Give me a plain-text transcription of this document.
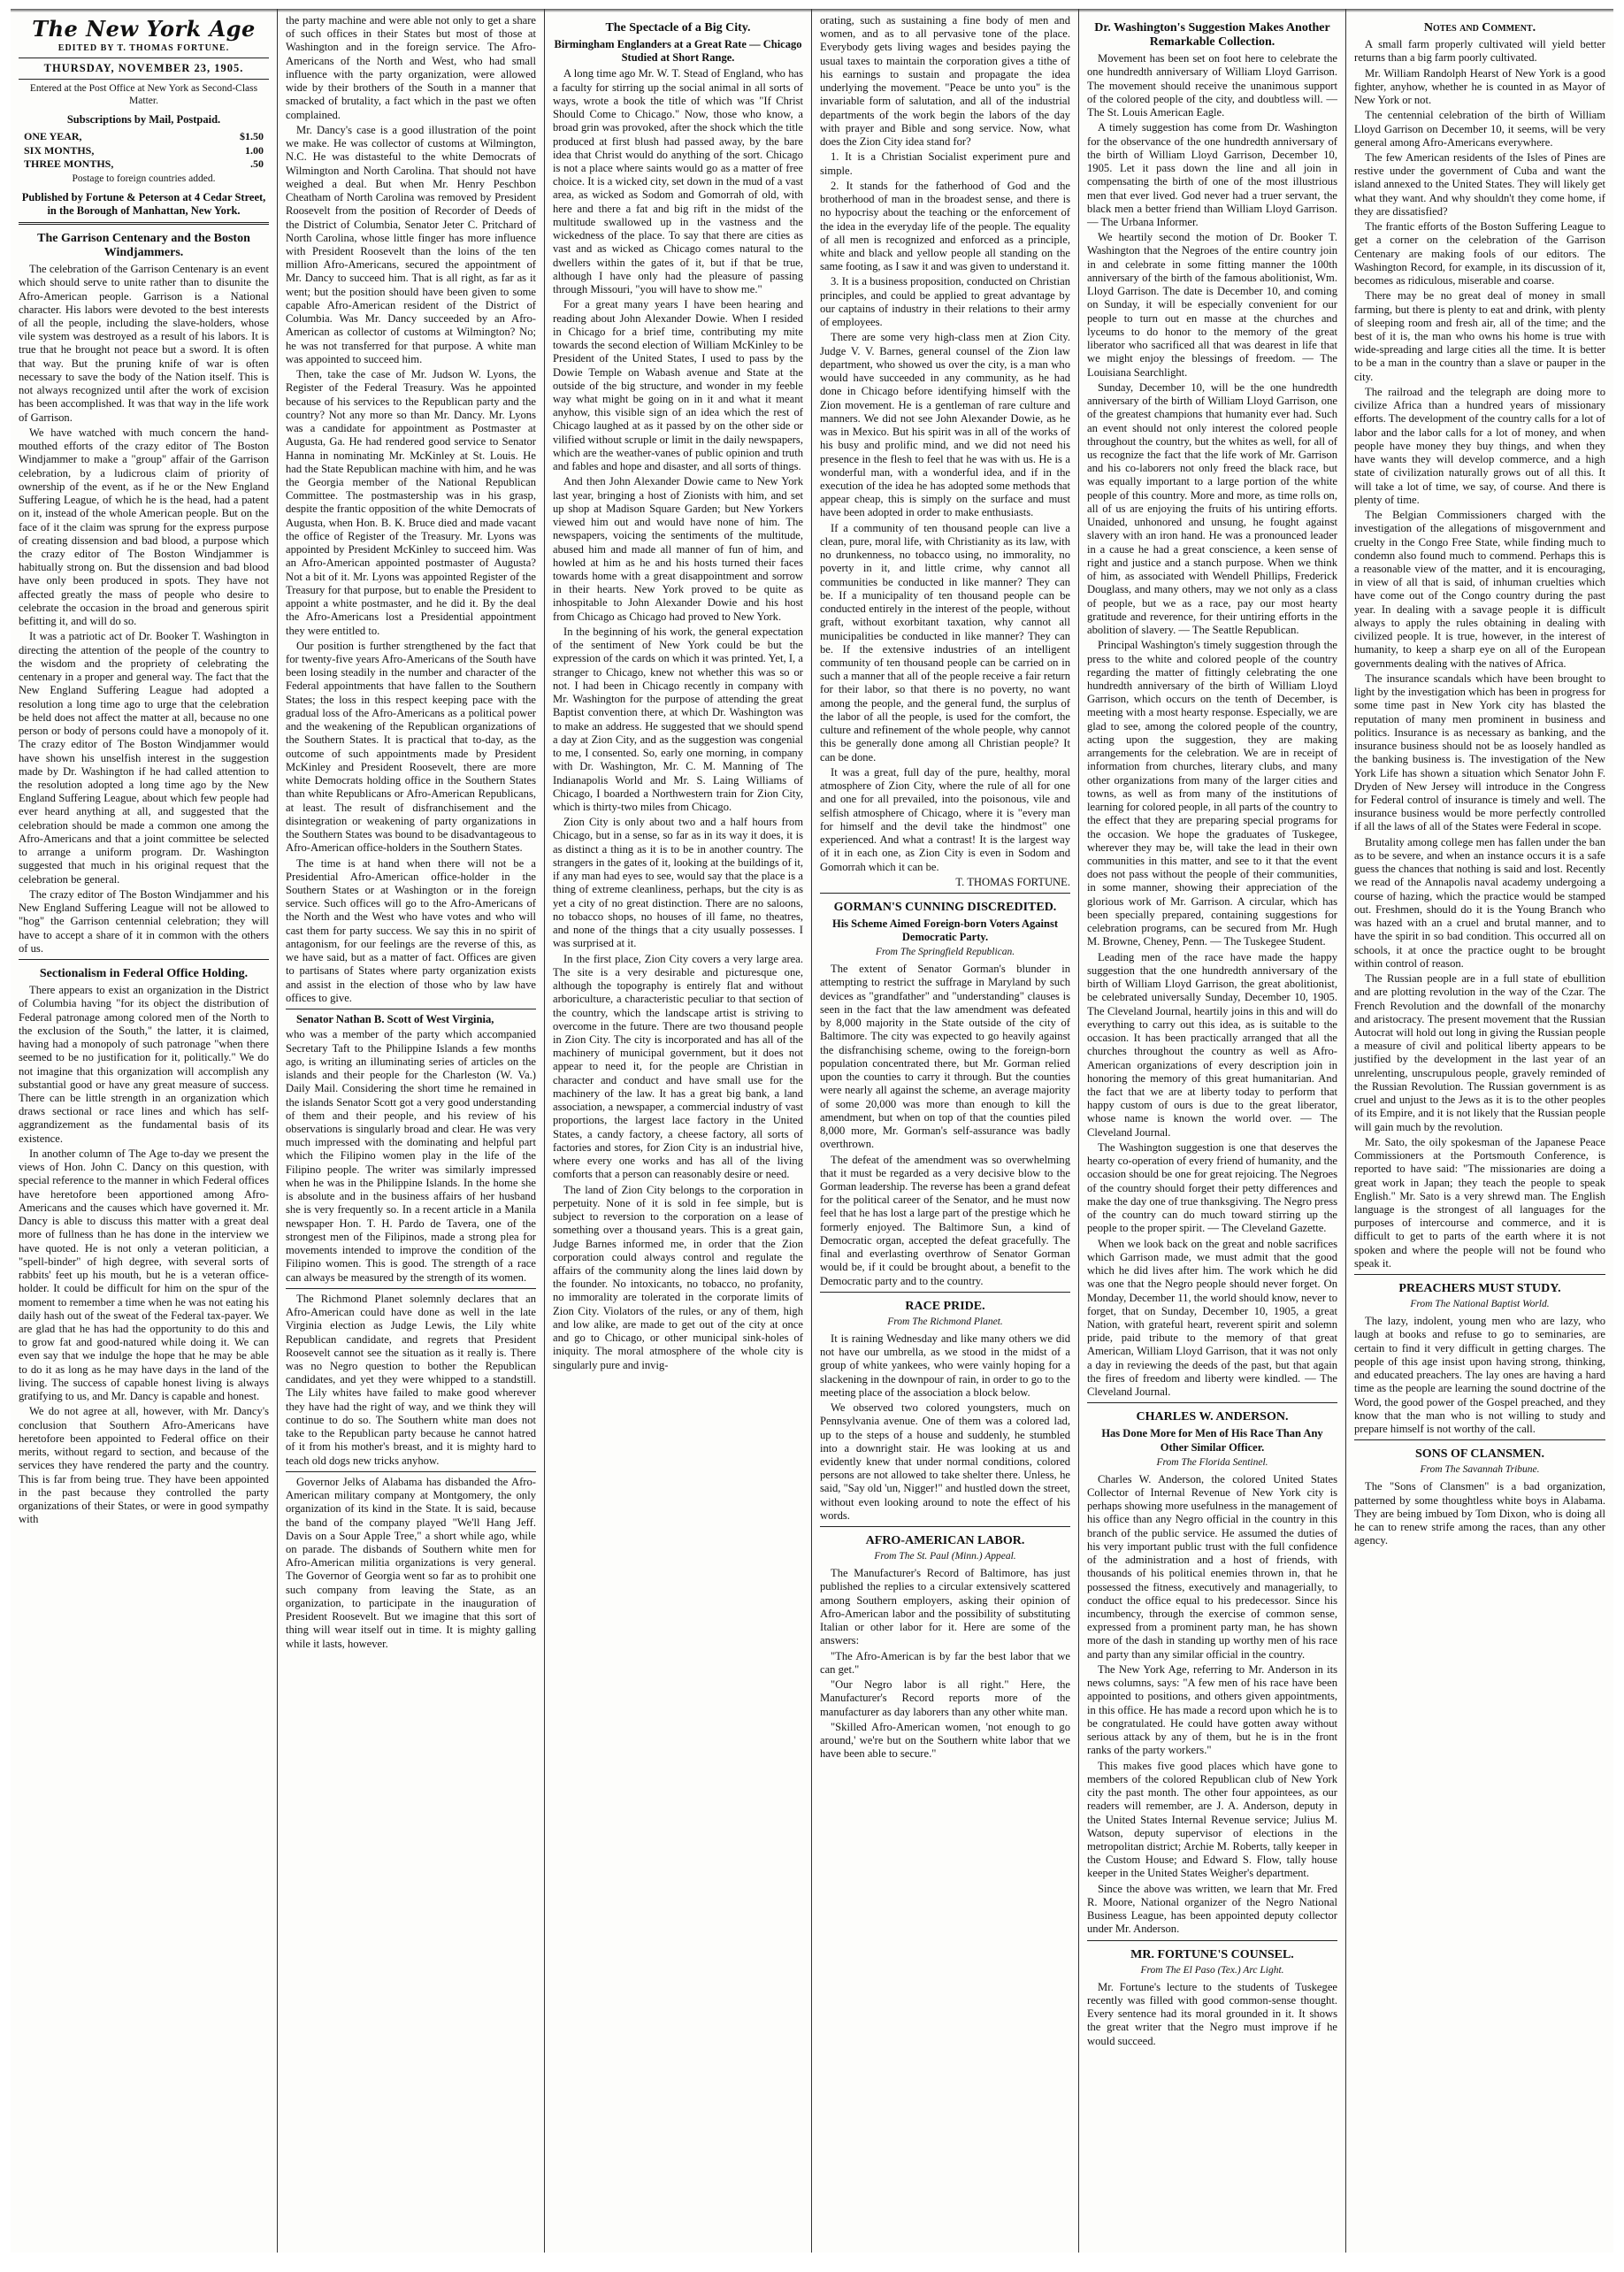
The New York Age
EDITED BY T. THOMAS FORTUNE.
THURSDAY, NOVEMBER 23, 1905.
Entered at the Post Office at New York as Second-Class Matter.
Subscriptions by Mail, Postpaid.
ONE YEAR,	$1.50
SIX MONTHS,	1.00
THREE MONTHS,	.50
Postage to foreign countries added.
Published by Fortune & Peterson at 4 Cedar Street, in the Borough of Manhattan, New York.
The Garrison Centenary and the Boston Windjammers.

The celebration of the Garrison Centenary is an event which should serve to unite rather than to disunite the Afro-American people. Garrison is a National character. His labors were devoted to the best interests of all the people, including the slave-holders, whose vile system was destroyed as a result of his labors. It is true that he brought not peace but a sword. It is often that way. But the pruning knife of war is often necessary to save the body of the Nation itself. This is not always recognized until after the work of excision has been accomplished. It was that way in the life work of Garrison.

We have watched with much concern the hand-mouthed efforts of the crazy editor of The Boston Windjammer to make a "group" affair of the Garrison celebration, by a ludicrous claim of priority of ownership of the event, as if he or the New England Suffering League, of which he is the head, had a patent on it, instead of the whole American people. But on the face of it the claim was sprung for the express purpose of creating dissension and bad blood, a purpose which the crazy editor of The Boston Windjammer is habitually strong on. But the dissension and bad blood have only been produced in spots. They have not affected greatly the mass of people who desire to celebrate the occasion in the broad and generous spirit befitting it, and will do so.

It was a patriotic act of Dr. Booker T. Washington in directing the attention of the people of the country to the wisdom and the propriety of celebrating the centenary in a proper and general way. The fact that the New England Suffering League had adopted a resolution a long time ago to urge that the celebration be held does not affect the matter at all, because no one person or body of persons could have a monopoly of it. The crazy editor of The Boston Windjammer would have shown his unselfish interest in the suggestion made by Dr. Washington if he had called attention to the resolution adopted a long time ago by the New England Suffering League, about which few people had ever heard anything at all, and suggested that the celebration should be made a common one among the Afro-Americans and that a joint committee be selected to arrange a uniform program. Dr. Washington suggested that much in his original request that the celebration be general.

The crazy editor of The Boston Windjammer and his New England Suffering League will not be allowed to "hog" the Garrison centennial celebration; they will have to accept a share of it in common with the others of us.

Sectionalism in Federal Office Holding.

There appears to exist an organization in the District of Columbia having "for its object the distribution of Federal patronage among colored men of the North to the exclusion of the South," the latter, it is claimed, having had a monopoly of such patronage "when there seemed to be no justification for it, politically." We do not imagine that this organization will accomplish any substantial good or have any great measure of success. There can be little strength in an organization which draws sectional or race lines and which has self-aggrandizement as the fundamental basis of its existence.

In another column of The Age to-day we present the views of Hon. John C. Dancy on this question, with special reference to the manner in which Federal offices have heretofore been apportioned among Afro-Americans and the causes which have governed it. Mr. Dancy is able to discuss this matter with a great deal more of fullness than he has done in the interview we have quoted. He is not only a veteran politician, a "spell-binder" of high degree, with several sorts of rabbits' feet up his mouth, but he is a veteran office-holder. It could be difficult for him on the spur of the moment to remember a time when he was not eating his daily hash out of the sweat of the Federal tax-payer. We are glad that he has had the opportunity to do this and to grow fat and good-natured while doing it. We can even say that we indulge the hope that he may be able to do it as long as he may have days in the land of the living. The success of capable honest living is always gratifying to us, and Mr. Dancy is capable and honest.

We do not agree at all, however, with Mr. Dancy's conclusion that Southern Afro-Americans have heretofore been appointed to Federal office on their merits, without regard to section, and because of the services they have rendered the party and the country. This is far from being true. They have been appointed in the past because they controlled the party organizations of their States, or were in good sympathy with

the party machine and were able not only to get a share of such offices in their States but most of those at Washington and in the foreign service. The Afro-Americans of the North and West, who had small influence with the party organization, were allowed wide by their brothers of the South in a manner that smacked of brutality, a fact which in the past we often complained.

Mr. Dancy's case is a good illustration of the point we make. He was collector of customs at Wilmington, N.C. He was distasteful to the white Democrats of Wilmington and North Carolina. That should not have weighed a deal. But when Mr. Henry Peschbon Cheatham of North Carolina was removed by President Roosevelt from the position of Recorder of Deeds of the District of Columbia, Senator Jeter C. Pritchard of North Carolina, whose little finger has more influence with President Roosevelt than the loins of the ten million Afro-Americans, secured the appointment of Mr. Dancy to succeed him. That is all right, as far as it went; but the position should have been given to some capable Afro-American resident of the District of Columbia. Was Mr. Dancy succeeded by an Afro-American as collector of customs at Wilmington? No; he was not transferred for that purpose. A white man was appointed to succeed him.

Then, take the case of Mr. Judson W. Lyons, the Register of the Federal Treasury. Was he appointed because of his services to the Republican party and the country? Not any more so than Mr. Dancy. Mr. Lyons was a candidate for appointment as Postmaster at Augusta, Ga. He had rendered good service to Senator Hanna in nominating Mr. McKinley at St. Louis. He had the State Republican machine with him, and he was the Georgia member of the National Republican Committee. The postmastership was in his grasp, despite the frantic opposition of the white Democrats of Augusta, when Hon. B. K. Bruce died and made vacant the office of Register of the Treasury. Mr. Lyons was appointed by President McKinley to succeed him. Was an Afro-American appointed postmaster of Augusta? Not a bit of it. Mr. Lyons was appointed Register of the Treasury for that purpose, but to enable the President to appoint a white postmaster, and he did it. By the deal the Afro-Americans lost a Presidential appointment they were entitled to.

Our position is further strengthened by the fact that for twenty-five years Afro-Americans of the South have been losing steadily in the number and character of the Federal appointments that have fallen to the Southern States; the loss in this respect keeping pace with the gradual loss of the Afro-Americans as a political power and the weakening of the Republican organizations of the Southern States. It is practical that to-day, as the outcome of such appointments made by President McKinley and President Roosevelt, there are more white Democrats holding office in the Southern States than white Republicans or Afro-American Republicans, at least. The result of disfranchisement and the disintegration or weakening of party organizations in the Southern States was bound to be disadvantageous to Afro-American office-holders in the Southern States.

The time is at hand when there will not be a Presidential Afro-American office-holder in the Southern States or at Washington or in the foreign service. Such offices will go to the Afro-Americans of the North and the West who have votes and who will cast them for party success. We say this in no spirit of antagonism, for our feelings are the reverse of this, as we have said, but as a matter of fact. Offices are given to partisans of States where party organization exists and assist in the election of those who by law have offices to give.

Senator Nathan B. Scott of West Virginia,

who was a member of the party which accompanied Secretary Taft to the Philippine Islands a few months ago, is writing an illuminating series of articles on the islands and their people for the Charleston (W. Va.) Daily Mail. Considering the short time he remained in the islands Senator Scott got a very good understanding of them and their people, and his review of his observations is singularly broad and clear. He was very much impressed with the dominating and helpful part which the Filipino women play in the life of the Filipino people. The writer was similarly impressed when he was in the Philippine Islands. In the home she is absolute and in the business affairs of her husband she is very frequently so. In a recent article in a Manila newspaper Hon. T. H. Pardo de Tavera, one of the strongest men of the Filipinos, made a strong plea for movements intended to improve the condition of the Filipino women. This is good. The strength of a race can always be measured by the strength of its women.

The Richmond Planet solemnly declares that an Afro-American could have done as well in the late Virginia election as Judge Lewis, the Lily white Republican candidate, and regrets that President Roosevelt cannot see the situation as it really is. There was no Negro question to bother the Republican candidates, and yet they were whipped to a standstill. The Lily whites have failed to make good wherever they have had the right of way, and we think they will continue to do so. The Southern white man does not take to the Republican party because he cannot hatred of it from his mother's breast, and it is mighty hard to teach old dogs new tricks anyhow.

Governor Jelks of Alabama has disbanded the Afro-American military company at Montgomery, the only organization of its kind in the State. It is said, because the band of the company played "We'll Hang Jeff. Davis on a Sour Apple Tree," a short while ago, while on parade. The disbands of Southern white men for Afro-American militia organizations is very general. The Governor of Georgia went so far as to prohibit one such company from leaving the State, as an organization, to participate in the inauguration of President Roosevelt. But we imagine that this sort of thing will wear itself out in time. It is mighty galling while it lasts, however.

The Spectacle of a Big City.
Birmingham Englanders at a Great Rate — Chicago Studied at Short Range.

A long time ago Mr. W. T. Stead of England, who has a faculty for stirring up the social animal in all sorts of ways, wrote a book the title of which was "If Christ Should Come to Chicago." Now, those who know, a broad grin was provoked, after the shock which the title produced at first blush had passed away, by the bare idea that Christ would do anything of the sort. Chicago is not a place where saints would go as a matter of free choice. It is a wicked city, set down in the mud of a vast area, as wicked as Sodom and Gomorrah of old, with here and there a fat and big rift in the midst of the multitude swallowed up in the vastness and the wickedness of the place. To say that there are cities as vast and as wicked as Chicago comes natural to the dwellers within the gates of it, but if that be true, although I have only had the pleasure of passing through Missouri, "you will have to show me."

For a great many years I have been hearing and reading about John Alexander Dowie. When I resided in Chicago for a brief time, contributing my mite towards the second election of William McKinley to be President of the United States, I used to pass by the Dowie Temple on Wabash avenue and State at the outside of the big structure, and wonder in my feeble way what might be going on in it and what it meant anyhow, this visible sign of an idea which the rest of Chicago laughed at as it passed by on the other side or vilified without scruple or limit in the daily newspapers, which are the weather-vanes of public opinion and truth and fables and hope and disaster, and all sorts of things.

And then John Alexander Dowie came to New York last year, bringing a host of Zionists with him, and set up shop at Madison Square Garden; but New Yorkers viewed him out and would have none of him. The newspapers, voicing the sentiments of the multitude, abused him and made all manner of fun of him, and howled at him as he and his hosts turned their faces towards home with a great disappointment and sorrow in their hearts. New York proved to be quite as inhospitable to John Alexander Dowie and his host from Chicago as Chicago had proved to New York.

In the beginning of his work, the general expectation of the sentiment of New York could be but the expression of the cards on which it was printed. Yet, I, a stranger to Chicago, knew not whether this was so or not. I had been in Chicago recently in company with Mr. Washington for the purpose of attending the great Baptist convention there, at which Dr. Washington was to make an address. He suggested that we should spend a day at Zion City, and as the suggestion was congenial to me, I consented. So, early one morning, in company with Dr. Washington, Mr. C. M. Manning of The Indianapolis World and Mr. S. Laing Williams of Chicago, I boarded a Northwestern train for Zion City, which is thirty-two miles from Chicago.

Zion City is only about two and a half hours from Chicago, but in a sense, so far as in its way it does, it is as distinct a thing as it is to be in another country. The strangers in the gates of it, looking at the buildings of it, if any man had eyes to see, would say that the place is a thing of extreme cleanliness, perhaps, but the city is as yet a city of no great distinction. There are no saloons, no tobacco shops, no houses of ill fame, no theatres, and none of the things that a city usually possesses. I was surprised at it.

In the first place, Zion City covers a very large area. The site is a very desirable and picturesque one, although the topography is entirely flat and without arboriculture, a characteristic peculiar to that section of the country, which the landscape artist is striving to overcome in the future. There are two thousand people in Zion City. The city is incorporated and has all of the machinery of municipal government, but it does not appear to need it, for the people are Christian in character and conduct and have small use for the machinery of the law. It has a great big bank, a land association, a newspaper, a commercial industry of vast proportions, the largest lace factory in the United States, a candy factory, a cheese factory, all sorts of factories and stores, for Zion City is an industrial hive, where every one works and has all of the living comforts that a person can reasonably desire or need.

The land of Zion City belongs to the corporation in perpetuity. None of it is sold in fee simple, but is subject to reversion to the corporation on a lease of something over a thousand years. This is a great gain, Judge Barnes informed me, in order that the Zion corporation could always control and regulate the affairs of the community along the lines laid down by the founder. No intoxicants, no tobacco, no profanity, no immorality are tolerated in the corporate limits of Zion City. Violators of the rules, or any of them, high and low alike, are made to get out of the city at once and go to Chicago, or other municipal sink-holes of iniquity. The moral atmosphere of the whole city is singularly pure and invig-

orating, such as sustaining a fine body of men and women, and as to all pervasive tone of the place. Everybody gets living wages and besides paying the usual taxes to maintain the corporation gives a tithe of his earnings to sustain and propagate the idea underlying the movement. "Peace be unto you" is the invariable form of salutation, and all of the industrial departments of the work begin the labors of the day with prayer and Bible and song service. Now, what does the Zion City idea stand for?

1. It is a Christian Socialist experiment pure and simple.

2. It stands for the fatherhood of God and the brotherhood of man in the broadest sense, and there is no hypocrisy about the teaching or the enforcement of the idea in the everyday life of the people. The equality of all men is recognized and enforced as a principle, white and black and yellow people all standing on the same footing, as I saw it and was given to understand it.

3. It is a business proposition, conducted on Christian principles, and could be applied to great advantage by our captains of industry in their relations to their army of employees.

There are some very high-class men at Zion City. Judge V. V. Barnes, general counsel of the Zion law department, who showed us over the city, is a man who would have succeeded in any community, as he had done in Chicago before identifying himself with the Zion movement. He is a gentleman of rare culture and manners. We did not see John Alexander Dowie, as he was in Mexico. But his spirit was in all of the works of his busy and prolific mind, and we did not need his presence in the flesh to feel that he was with us. He is a wonderful man, with a wonderful idea, and if in the execution of the idea he has adopted some methods that appear cheap, this is simply on the surface and must have been adopted in order to make enthusiasts.

If a community of ten thousand people can live a clean, pure, moral life, with Christianity as its law, with no drunkenness, no tobacco using, no immorality, no poverty in it, and little crime, why cannot all communities be conducted in like manner? They can be. If a municipality of ten thousand people can be conducted entirely in the interest of the people, without graft, without exorbitant taxation, why cannot all municipalities be conducted in like manner? They can be. If the extensive industries of an intelligent community of ten thousand people can be carried on in such a manner that all of the people receive a fair return for their labor, so that there is no poverty, no want among the people, and the general fund, the surplus of the labor of all the people, is used for the comfort, the culture and refinement of the whole people, why cannot this be generally done among all Christian people? It can be done.

It was a great, full day of the pure, healthy, moral atmosphere of Zion City, where the rule of all for one and one for all prevailed, into the poisonous, vile and selfish atmosphere of Chicago, where it is "every man for himself and the devil take the hindmost" one experienced. And what a contrast! It is the largest way of it in each one, as Zion City is even in Sodom and Gomorrah which it can be.

T. THOMAS FORTUNE.

GORMAN'S CUNNING DISCREDITED.
His Scheme Aimed Foreign-born Voters Against Democratic Party.
From The Springfield Republican.

The extent of Senator Gorman's blunder in attempting to restrict the suffrage in Maryland by such devices as "grandfather" and "understanding" clauses is seen in the fact that the law amendment was defeated by 8,000 majority in the State outside of the city of Baltimore. The city was expected to go heavily against the disfranchising scheme, owing to the foreign-born population concentrated there, but Mr. Gorman relied upon the counties to carry it through. But the counties were nearly all against the scheme, an average majority of some 20,000 was more than enough to kill the amendment, but when on top of that the counties piled 8,000 more, Mr. Gorman's self-assurance was badly overthrown.

The defeat of the amendment was so overwhelming that it must be regarded as a very decisive blow to the Gorman leadership. The reverse has been a grand defeat for the political career of the Senator, and he must now feel that he has lost a large part of the prestige which he formerly enjoyed. The Baltimore Sun, a kind of Democratic organ, accepted the defeat gracefully. The final and everlasting overthrow of Senator Gorman would be, if it could be brought about, a benefit to the Democratic party and to the country.

RACE PRIDE.
From The Richmond Planet.

It is raining Wednesday and like many others we did not have our umbrella, as we stood in the midst of a group of white yankees, who were vainly hoping for a slackening in the downpour of rain, in order to go to the meeting place of the association a block below.

We observed two colored youngsters, much on Pennsylvania avenue. One of them was a colored lad, up to the steps of a house and suddenly, he stumbled into a downright stair. He was looking at us and evidently knew that under normal conditions, colored persons are not allowed to take shelter there. Unless, he said, "Say old 'un, Nigger!" and hustled down the street, without even looking around to note the effect of his words.

AFRO-AMERICAN LABOR.
From The St. Paul (Minn.) Appeal.

The Manufacturer's Record of Baltimore, has just published the replies to a circular extensively scattered among Southern employers, asking their opinion of Afro-American labor and the possibility of substituting Italian or other labor for it. Here are some of the answers:

"The Afro-American is by far the best labor that we can get."

"Our Negro labor is all right." Here, the Manufacturer's Record reports more of the manufacturer as day laborers than any other white man.

"Skilled Afro-American women, 'not enough to go around,' we're but on the Southern white labor that we have been able to secure."

Dr. Washington's Suggestion Makes Another Remarkable Collection.

Movement has been set on foot here to celebrate the one hundredth anniversary of William Lloyd Garrison. The movement should receive the unanimous support of the colored people of the city, and doubtless will. — The St. Louis American Eagle.

A timely suggestion has come from Dr. Washington for the observance of the one hundredth anniversary of the birth of William Lloyd Garrison, December 10, 1905. Let it pass down the line and all join in compensating the birth of one of the most illustrious men that ever lived. God never had a truer servant, the black men a better friend than William Lloyd Garrison. — The Urbana Informer.

We heartily second the motion of Dr. Booker T. Washington that the Negroes of the entire country join in and celebrate in some fitting manner the 100th anniversary of the birth of the famous abolitionist, Wm. Lloyd Garrison. The date is December 10, and coming on Sunday, it will be especially convenient for our people to turn out en masse at the churches and lyceums to do honor to the memory of the great liberator who sacrificed all that was dearest in life that we might enjoy the blessings of freedom. — The Louisiana Searchlight.

Sunday, December 10, will be the one hundredth anniversary of the birth of William Lloyd Garrison, one of the greatest champions that humanity ever had. Such an event should not only interest the colored people throughout the country, but the whites as well, for all of us recognize the fact that the life work of Mr. Garrison and his co-laborers not only freed the black race, but was equally important to a large portion of the white people of this country. More and more, as time rolls on, all of us are enjoying the fruits of his untiring efforts. Unaided, unhonored and unsung, he fought against slavery with an iron hand. He was a pronounced leader in a cause he had a great conscience, a keen sense of right and justice and a stanch purpose. When we think of him, as associated with Wendell Phillips, Frederick Douglass, and many others, may we not only as a class of people, but we as a race, pay our most hearty gratitude and reverence, for their untiring efforts in the abolition of slavery. — The Seattle Republican.

Principal Washington's timely suggestion through the press to the white and colored people of the country regarding the matter of fittingly celebrating the one hundredth anniversary of the birth of William Lloyd Garrison, which occurs on the tenth of December, is meeting with a most hearty response. Especially, we are glad to see, among the colored people of the country, acting upon the suggestion, they are making arrangements for the celebration. We are in receipt of information from churches, literary clubs, and many other organizations from many of the larger cities and towns, as well as from many of the institutions of learning for colored people, in all parts of the country to the effect that they are preparing special programs for the occasion. We hope the graduates of Tuskegee, wherever they may be, will take the lead in their own communities in this matter, and see to it that the event does not pass without the people of their communities, in some manner, showing their appreciation of the glorious work of Mr. Garrison. A circular, which has been specially prepared, containing suggestions for celebration programs, can be secured from Mr. Hugh M. Browne, Cheney, Penn. — The Tuskegee Student.

Leading men of the race have made the happy suggestion that the one hundredth anniversary of the birth of William Lloyd Garrison, the great abolitionist, be celebrated universally Sunday, December 10, 1905. The Cleveland Journal, heartily joins in this and will do everything to carry out this idea, as is suitable to the occasion. It has been practically arranged that all the churches throughout the country as well as Afro-American organizations of every description join in honoring the memory of this great humanitarian. And the fact that we are at liberty today to perform that happy custom of ours is due to the great liberator, whose name is known the world over. — The Cleveland Journal.

The Washington suggestion is one that deserves the hearty co-operation of every friend of humanity, and the occasion should be one for great rejoicing. The Negroes of the country should forget their petty differences and make the day one of true thanksgiving. The Negro press of the country can do much toward stirring up the people to the proper spirit. — The Cleveland Gazette.

When we look back on the great and noble sacrifices which Garrison made, we must admit that the good which he did lives after him. The work which he did was one that the Negro people should never forget. On Monday, December 11, the world should know, never to forget, that on Sunday, December 10, 1905, a great Nation, with grateful heart, reverent spirit and solemn pride, paid tribute to the memory of that great American, William Lloyd Garrison, that it was not only a day in reviewing the deeds of the past, but that again the fires of freedom and liberty were kindled. — The Cleveland Journal.

CHARLES W. ANDERSON.
Has Done More for Men of His Race Than Any Other Similar Officer.
From The Florida Sentinel.

Charles W. Anderson, the colored United States Collector of Internal Revenue of New York city is perhaps showing more usefulness in the management of his office than any Negro official in the country in this branch of the public service. He assumed the duties of his very important public trust with the full confidence of the administration and a host of friends, with thousands of his political enemies thrown in, that he possessed the fitness, executively and managerially, to conduct the office equal to his predecessor. Since his incumbency, through the exercise of common sense, expressed from a prominent party man, he has shown more of the dash in standing up worthy men of his race and party than any similar official in the country.

The New York Age, referring to Mr. Anderson in its news columns, says: "A few men of his race have been appointed to positions, and others given appointments, in this office. He has made a record upon which he is to be congratulated. He could have gotten away without serious attack by any of them, but he is in the front ranks of the party workers."

This makes five good places which have gone to members of the colored Republican club of New York city the past month. The other four appointees, as our readers will remember, are J. A. Anderson, deputy in the United States Internal Revenue service; Julius M. Watson, deputy supervisor of elections in the metropolitan district; Archie M. Roberts, tally keeper in the Custom House; and Edward S. Flow, tally house keeper in the United States Weigher's department.

Since the above was written, we learn that Mr. Fred R. Moore, National organizer of the Negro National Business League, has been appointed deputy collector under Mr. Anderson.

MR. FORTUNE'S COUNSEL.
From The El Paso (Tex.) Arc Light.

Mr. Fortune's lecture to the students of Tuskegee recently was filled with good common-sense thought. Every sentence had its moral grounded in it. It shows the great writer that the Negro must improve if he would succeed.

Notes and Comment.

A small farm properly cultivated will yield better returns than a big farm poorly cultivated.

Mr. William Randolph Hearst of New York is a good fighter, anyhow, whether he is counted in as Mayor of New York or not.

The centennial celebration of the birth of William Lloyd Garrison on December 10, it seems, will be very general among Afro-Americans everywhere.

The few American residents of the Isles of Pines are restive under the government of Cuba and want the island annexed to the United States. They will likely get what they want. And why shouldn't they come home, if they are dissatisfied?

The frantic efforts of the Boston Suffering League to get a corner on the celebration of the Garrison Centenary are making fools of our editors. The Washington Record, for example, in its discussion of it, becomes as ridiculous, miserable and coarse.

There may be no great deal of money in small farming, but there is plenty to eat and drink, with plenty of sleeping room and fresh air, all of the time; and the best of it is, the man who owns his home is true with wide-spreading and large cities all the time. It is better to be a man in the country than a slave or pauper in the city.

The railroad and the telegraph are doing more to civilize Africa than a hundred years of missionary efforts. The development of the country calls for a lot of labor and the labor calls for a lot of money, and when people have money they buy things, and when they have wants they will develop commerce, and a high state of civilization naturally grows out of all this. It will take a lot of time, we say, of course. And there is plenty of time.

The Belgian Commissioners charged with the investigation of the allegations of misgovernment and cruelty in the Congo Free State, while finding much to condemn also found much to commend. Perhaps this is a reasonable view of the matter, and it is encouraging, in view of all that is said, of inhuman cruelties which have come out of the Congo country during the past year. In dealing with a savage people it is difficult always to apply the rules obtaining in dealing with civilized people. It is true, however, in the interest of humanity, to keep a sharp eye on all of the European governments dealing with the natives of Africa.

The insurance scandals which have been brought to light by the investigation which has been in progress for some time past in New York city has blasted the reputation of many men prominent in business and politics. Insurance is as necessary as banking, and the insurance business should not be as loosely handled as the banking business is. The investigation of the New York Life has shown a situation which Senator John F. Dryden of New Jersey will introduce in the Congress for Federal control of insurance is timely and well. The insurance business would be more perfectly controlled if all the laws of all of the States were Federal in scope.

Brutality among college men has fallen under the ban as to be severe, and when an instance occurs it is a safe guess the chances that nothing is said and lost. Recently we read of the Annapolis naval academy undergoing a course of hazing, which the practice would be stamped out. Freshmen, should do it is the Young Branch who was hazed with an a cruel and brutal manner, and to have the spirit in so bad condition. This occurred all on schools, it at once the practice ought to be brought within control of reason.

The Russian people are in a full state of ebullition and are plotting revolution in the way of the Czar. The French Revolution and the downfall of the monarchy and aristocracy. The present movement that the Russian Autocrat will hold out long in giving the Russian people a measure of civil and political liberty appears to be justified by the development in the last year of an unrelenting, unscrupulous people, gravely reminded of the Russian Revolution. The Russian government is as cruel and unjust to the Jews as it is to the other peoples of its Empire, and it is not likely that the Russian people will gain much by the revolution.

Mr. Sato, the oily spokesman of the Japanese Peace Commissioners at the Portsmouth Conference, is reported to have said: "The missionaries are doing a great work in Japan; they teach the people to speak English." Mr. Sato is a very shrewd man. The English language is the strongest of all languages for the purposes of intercourse and commerce, and it is difficult to get to parts of the earth where it is not spoken and where the people will not be found who speak it.

PREACHERS MUST STUDY.
From The National Baptist World.

The lazy, indolent, young men who are lazy, who laugh at books and refuse to go to seminaries, are certain to find it very difficult in getting charges. The people of this age insist upon having strong, thinking, and educated preachers. The lay ones are having a hard time as the people are learning the sound doctrine of the Word, the good power of the Gospel preached, and they know that the man who is not willing to study and prepare himself is not worthy of the call.

SONS OF CLANSMEN.
From The Savannah Tribune.

The "Sons of Clansmen" is a bad organization, patterned by some thoughtless white boys in Alabama. They are being imbued by Tom Dixon, who is doing all he can to renew strife among the races, than any other agency.
